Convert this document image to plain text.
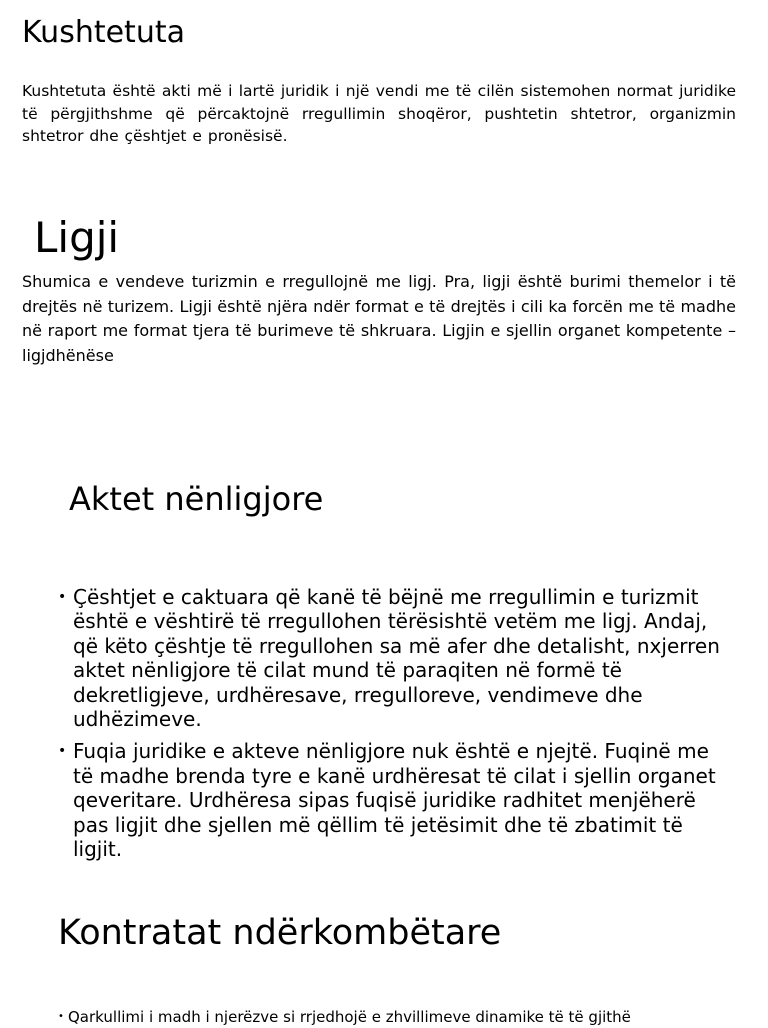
Kushtetuta

Kushtetuta është akti më i lartë juridik i një vendi me të cilën sistemohen normat juridike të përgjithshme që përcaktojnë rregullimin shoqëror, pushtetin shtetror, organizmin shtetror dhe çështjet e pronësisë.

Ligji

Shumica e vendeve turizmin e rregullojnë me ligj. Pra, ligji është burimi themelor i të drejtës në turizem. Ligji është njëra ndër format e të drejtës i cili ka forcën me të madhe në raport me format tjera të burimeve të shkruara. Ligjin e sjellin organet kompetente – ligjdhënëse

Aktet nënligjore
• Çështjet e caktuara që kanë të bëjnë me rregullimin e turizmit është e vështirë të rregullohen tërësishtë vetëm me ligj. Andaj, që këto çështje të rregullohen sa më afer dhe detalisht, nxjerren aktet nënligjore të cilat mund të paraqiten në formë të dekretligjeve, urdhëresave, rregulloreve, vendimeve dhe udhëzimeve.
• Fuqia juridike e akteve nënligjore nuk është e njejtë. Fuqinë me të madhe brenda tyre e kanë urdhëresat të cilat i sjellin organet qeveritare. Urdhëresa sipas fuqisë juridike radhitet menjëherë pas ligjit dhe sjellen më qëllim të jetësimit dhe të zbatimit të ligjit.
Kontratat ndërkombëtare
• Qarkullimi i madh i njerëzve si rrjedhojë e zhvillimeve dinamike të të gjithë
